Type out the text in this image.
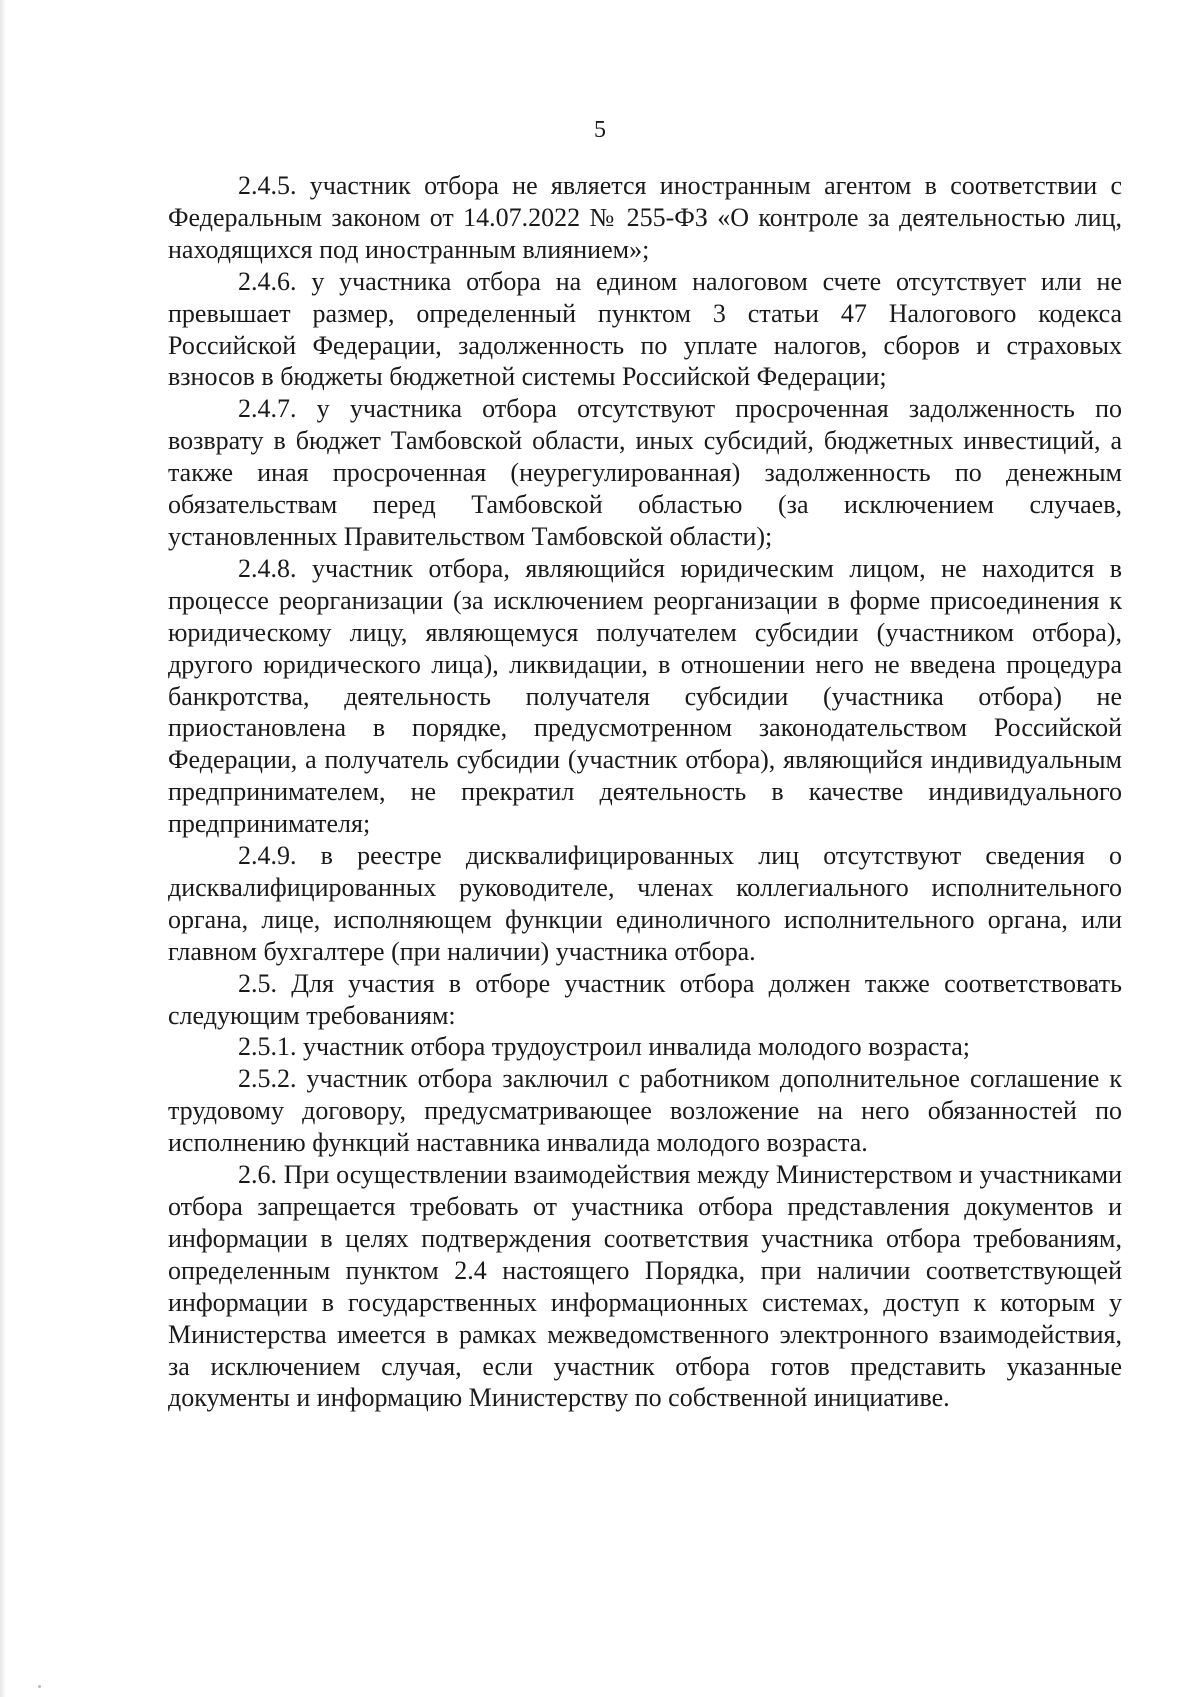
5

2.4.5. участник отбора не является иностранным агентом в соответствии с Федеральным законом от 14.07.2022 № 255-ФЗ «О контроле за деятельностью лиц, находящихся под иностранным влиянием»;

2.4.6. у участника отбора на едином налоговом счете отсутствует или не превышает размер, определенный пунктом 3 статьи 47 Налогового кодекса Российской Федерации, задолженность по уплате налогов, сборов и страховых взносов в бюджеты бюджетной системы Российской Федерации;

2.4.7. у участника отбора отсутствуют просроченная задолженность по возврату в бюджет Тамбовской области, иных субсидий, бюджетных инвестиций, а также иная просроченная (неурегулированная) задолженность по денежным обязательствам перед Тамбовской областью (за исключением случаев, установленных Правительством Тамбовской области);

2.4.8. участник отбора, являющийся юридическим лицом, не находится в процессе реорганизации (за исключением реорганизации в форме присоединения к юридическому лицу, являющемуся получателем субсидии (участником отбора), другого юридического лица), ликвидации, в отношении него не введена процедура банкротства, деятельность получателя субсидии (участника отбора) не приостановлена в порядке, предусмотренном законодательством Российской Федерации, а получатель субсидии (участник отбора), являющийся индивидуальным предпринимателем, не прекратил деятельность в качестве индивидуального предпринимателя;

2.4.9. в реестре дисквалифицированных лиц отсутствуют сведения о дисквалифицированных руководителе, членах коллегиального исполнительного органа, лице, исполняющем функции единоличного исполнительного органа, или главном бухгалтере (при наличии) участника отбора.

2.5. Для участия в отборе участник отбора должен также соответствовать следующим требованиям:

2.5.1. участник отбора трудоустроил инвалида молодого возраста;

2.5.2. участник отбора заключил с работником дополнительное соглашение к трудовому договору, предусматривающее возложение на него обязанностей по исполнению функций наставника инвалида молодого возраста.

2.6. При осуществлении взаимодействия между Министерством и участниками отбора запрещается требовать от участника отбора представления документов и информации в целях подтверждения соответствия участника отбора требованиям, определенным пунктом 2.4 настоящего Порядка, при наличии соответствующей информации в государственных информационных системах, доступ к которым у Министерства имеется в рамках межведомственного электронного взаимодействия, за исключением случая, если участник отбора готов представить указанные документы и информацию Министерству по собственной инициативе.
